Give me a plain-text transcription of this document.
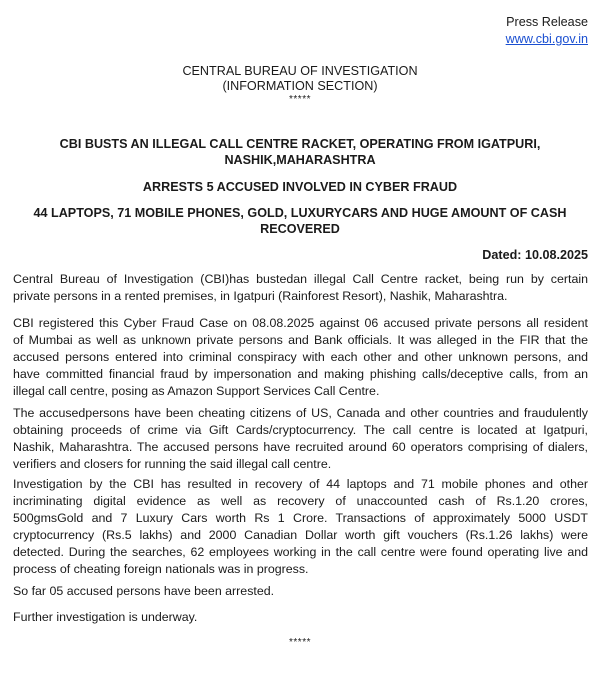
Press Release
www.cbi.gov.in
CENTRAL BUREAU OF INVESTIGATION
(INFORMATION SECTION)
*****
CBI BUSTS AN ILLEGAL CALL CENTRE RACKET, OPERATING FROM IGATPURI,
NASHIK,MAHARASHTRA
ARRESTS 5 ACCUSED INVOLVED IN CYBER FRAUD
44 LAPTOPS, 71 MOBILE PHONES, GOLD, LUXURYCARS AND HUGE AMOUNT OF CASH
RECOVERED
Dated: 10.08.2025
Central Bureau of Investigation (CBI)has bustedan illegal Call Centre racket, being run by certain
private persons in a rented premises, in Igatpuri (Rainforest Resort), Nashik, Maharashtra.
CBI registered this Cyber Fraud Case on 08.08.2025 against 06 accused private persons all resident
of Mumbai as well as unknown private persons and Bank officials. It was alleged in the FIR that the
accused persons entered into criminal conspiracy with each other and other unknown persons, and
have committed financial fraud by impersonation and making phishing calls/deceptive calls, from an
illegal call centre, posing as Amazon Support Services Call Centre.
The accusedpersons have been cheating citizens of US, Canada and other countries and fraudulently
obtaining proceeds of crime via Gift Cards/cryptocurrency. The call centre is located at Igatpuri,
Nashik, Maharashtra. The accused persons have recruited around 60 operators comprising of dialers,
verifiers and closers for running the said illegal call centre.
Investigation by the CBI has resulted in recovery of 44 laptops and 71 mobile phones and other
incriminating digital evidence as well as recovery of unaccounted cash of Rs.1.20 crores,
500gmsGold and 7 Luxury Cars worth Rs 1 Crore. Transactions of approximately 5000 USDT
cryptocurrency (Rs.5 lakhs) and 2000 Canadian Dollar worth gift vouchers (Rs.1.26 lakhs) were
detected. During the searches, 62 employees working in the call centre were found operating live and
process of cheating foreign nationals was in progress.
So far 05 accused persons have been arrested.
Further investigation is underway.
*****
